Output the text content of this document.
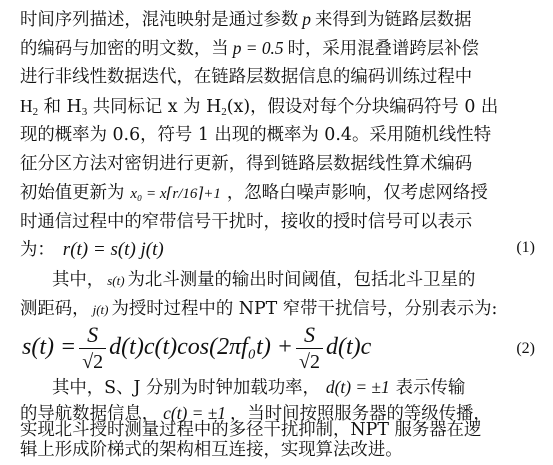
时间序列描述，混沌映射是通过参数 p 来得到为链路层数据
的编码与加密的明文数，当 p = 0.5 时，采用混叠谱跨层补偿
进行非线性数据迭代，在链路层数据信息的编码训练过程中
$H_2$ 和 $H_3$ 共同标记 x 为 $H_2(x)$，假设对每个分块编码符号 0 出
现的概率为 0.6，符号 1 出现的概率为 0.4。采用随机线性特
征分区方法对密钥进行更新，得到链路层数据线性算术编码
初始值更新为 x₀ = x⌈r/16⌉+1 ，忽略白噪声影响，仅考虑网络授
时通信过程中的窄带信号干扰时，接收的授时信号可以表示
为： r(t) = s(t) j(t)	(1)
其中， s(t) 为北斗测量的输出时间阈值，包括北斗卫星的
测距码， j(t) 为授时过程中的 NPT 窄带干扰信号，分别表示为:
$s(t) = \frac{S}{√2} d(t)c(t)\cos(2\pi f_0t) + \frac{S}{√2} d(t)c$	(2)
其中，S、J 分别为时钟加载功率， d(t) = ±1 表示传输
的导航数据信息， c(t) = ±1 ，当时间按照服务器的等级传播，
实现北斗授时测量过程中的多径干扰抑制，NPT 服务器在逻
辑上形成阶梯式的架构相互连接，实现算法改进。
